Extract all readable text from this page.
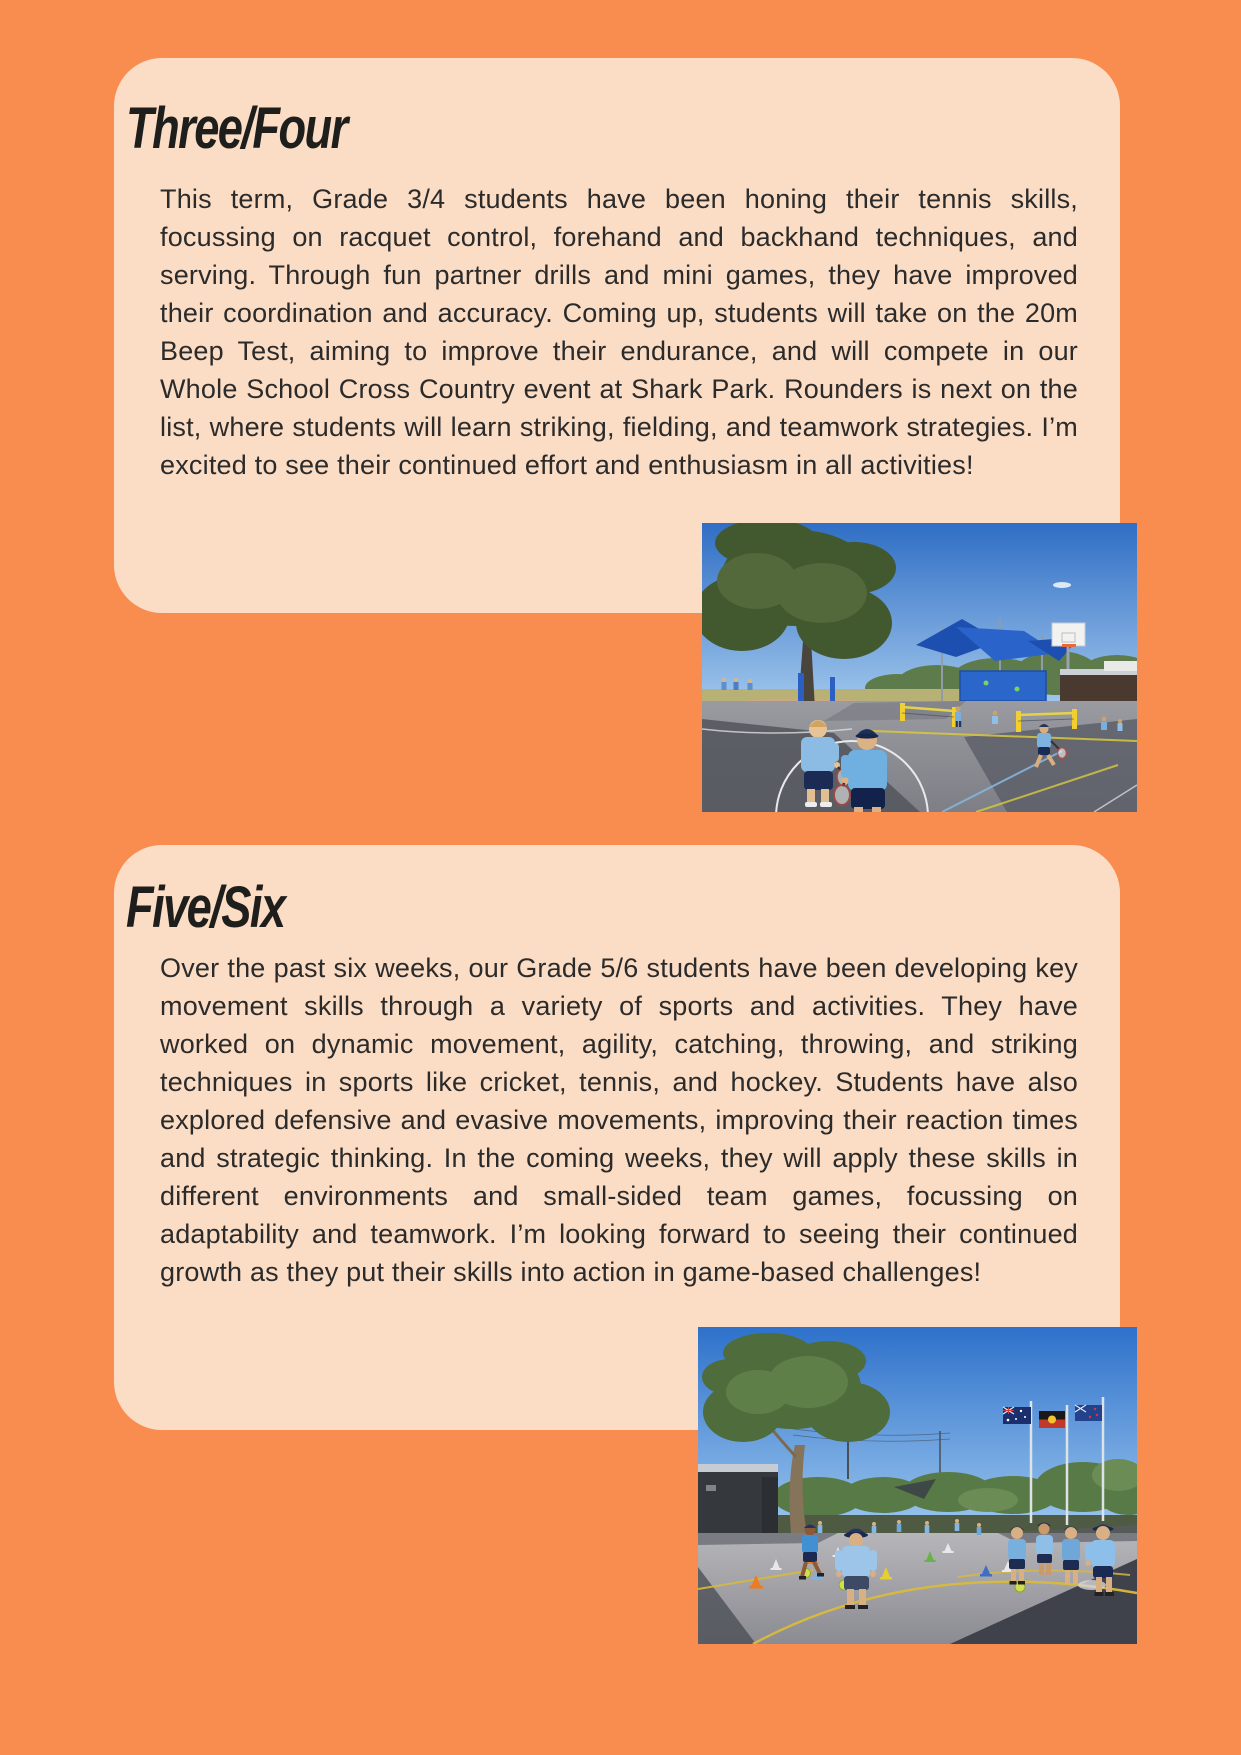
Three/Four

This term, Grade 3/4 students have been honing their tennis skills, focussing on racquet control, forehand and backhand techniques, and serving. Through fun partner drills and mini games, they have improved their coordination and accuracy. Coming up, students will take on the 20m Beep Test, aiming to improve their endurance, and will compete in our Whole School Cross Country event at Shark Park. Rounders is next on the list, where students will learn striking, fielding, and teamwork strategies. I’m excited to see their continued effort and enthusiasm in all activities!

Five/Six

Over the past six weeks, our Grade 5/6 students have been developing key movement skills through a variety of sports and activities. They have worked on dynamic movement, agility, catching, throwing, and striking techniques in sports like cricket, tennis, and hockey. Students have also explored defensive and evasive movements, improving their reaction times and strategic thinking. In the coming weeks, they will apply these skills in different environments and small-sided team games, focussing on adaptability and teamwork. I’m looking forward to seeing their continued growth as they put their skills into action in game-based challenges!
